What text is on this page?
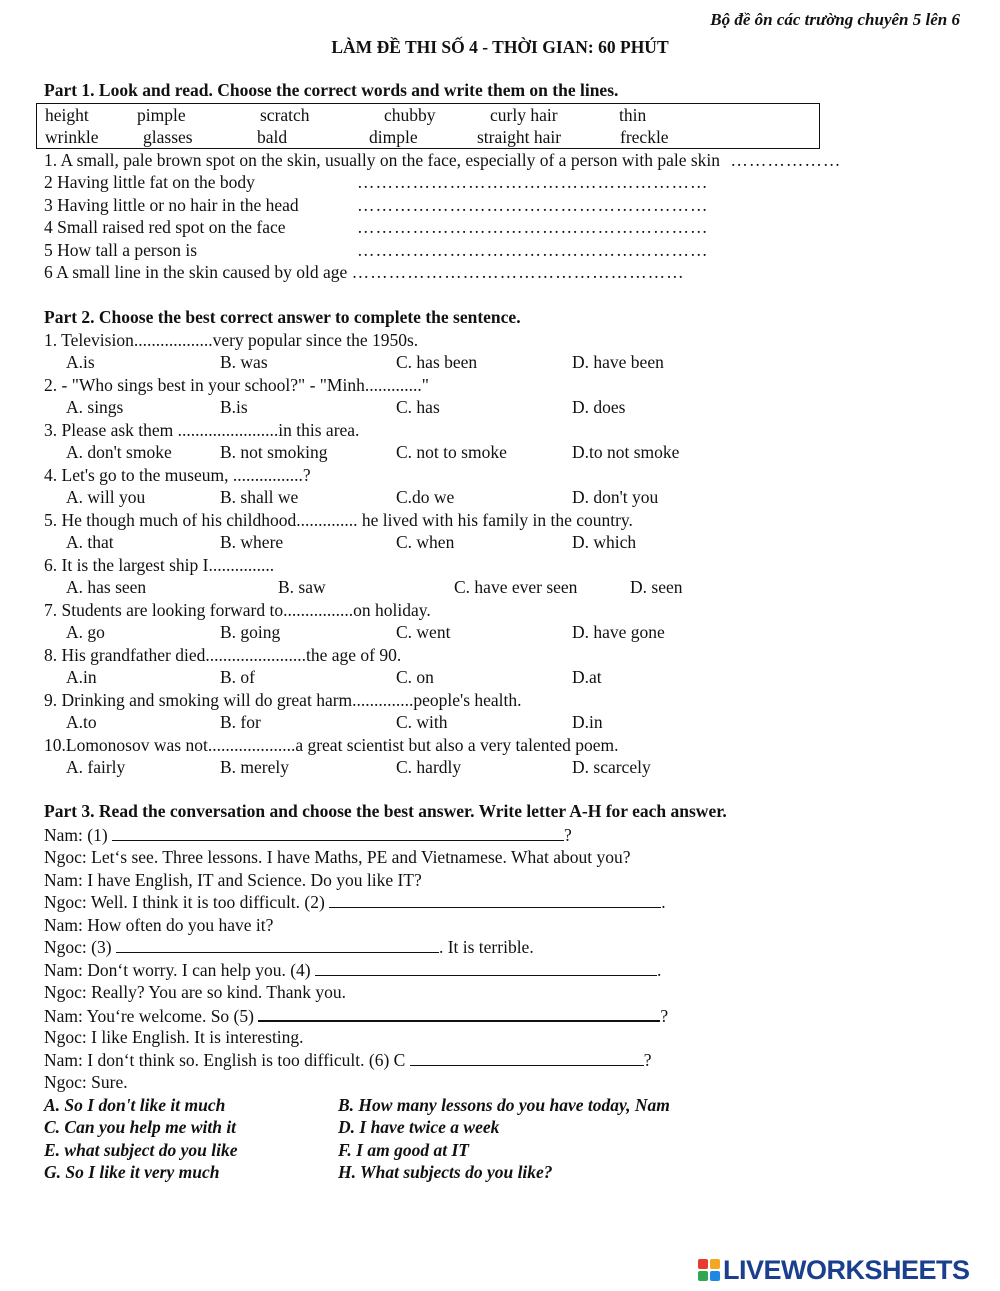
Bộ đề ôn các trường chuyên 5 lên 6
LÀM ĐỀ THI SỐ 4 - THỜI GIAN: 60 PHÚT
Part 1. Look and read. Choose the correct words and write them on the lines.
height	pimple	scratch	chubby	curly hair	thin
wrinkle	glasses	bald	dimple	straight hair	freckle
1. A small, pale brown spot on the skin, usually on the face, especially of a person with pale skin ………………
2 Having little fat on the body	…………………………………………………
3 Having little or no hair in the head	…………………………………………………
4 Small raised red spot on the face	…………………………………………………
5 How tall a person is	…………………………………………………
6 A small line in the skin caused by old age ………………………………………………
Part 2. Choose the best correct answer to complete the sentence.
1. Television..................very popular since the 1950s.
A.is	B. was	C. has been	D. have been
2. - "Who sings best in your school?" - "Minh............."
A. sings	B.is	C. has	D. does
3. Please ask them .......................in this area.
A. don't smoke	B. not smoking	C. not to smoke	D.to not smoke
4. Let's go to the museum, ................?
A. will you	B. shall we	C.do we	D. don't you
5. He though much of his childhood.............. he lived with his family in the country.
A. that	B. where	C. when	D. which
6. It is the largest ship I...............
A. has seen	B. saw	C. have ever seen	D. seen
7. Students are looking forward to................on holiday.
A. go	B. going	C. went	D. have gone
8. His grandfather died.......................the age of 90.
A.in	B. of	C. on	D.at
9. Drinking and smoking will do great harm..............people's health.
A.to	B. for	C. with	D.in
10.Lomonosov was not....................a great scientist but also a very talented poem.
A. fairly	B. merely	C. hardly	D. scarcely
Part 3. Read the conversation and choose the best answer. Write letter A-H for each answer.
Nam: (1)	?
Ngoc: Let‘s see. Three lessons. I have Maths, PE and Vietnamese. What about you?
Nam: I have English, IT and Science. Do you like IT?
Ngoc: Well. I think it is too difficult. (2)	.
Nam: How often do you have it?
Ngoc: (3)	. It is terrible.
Nam: Don‘t worry. I can help you. (4)	.
Ngoc: Really? You are so kind. Thank you.
Nam: You‘re welcome. So (5)	?
Ngoc: I like English. It is interesting.
Nam: I don‘t think so. English is too difficult. (6) C	?
Ngoc: Sure.
A. So I don't like it much	B. How many lessons do you have today, Nam
C. Can you help me with it	D. I have twice a week
E. what subject do you like	F. I am good at IT
G. So I like it very much	H. What subjects do you like?
LIVEWORKSHEETS
